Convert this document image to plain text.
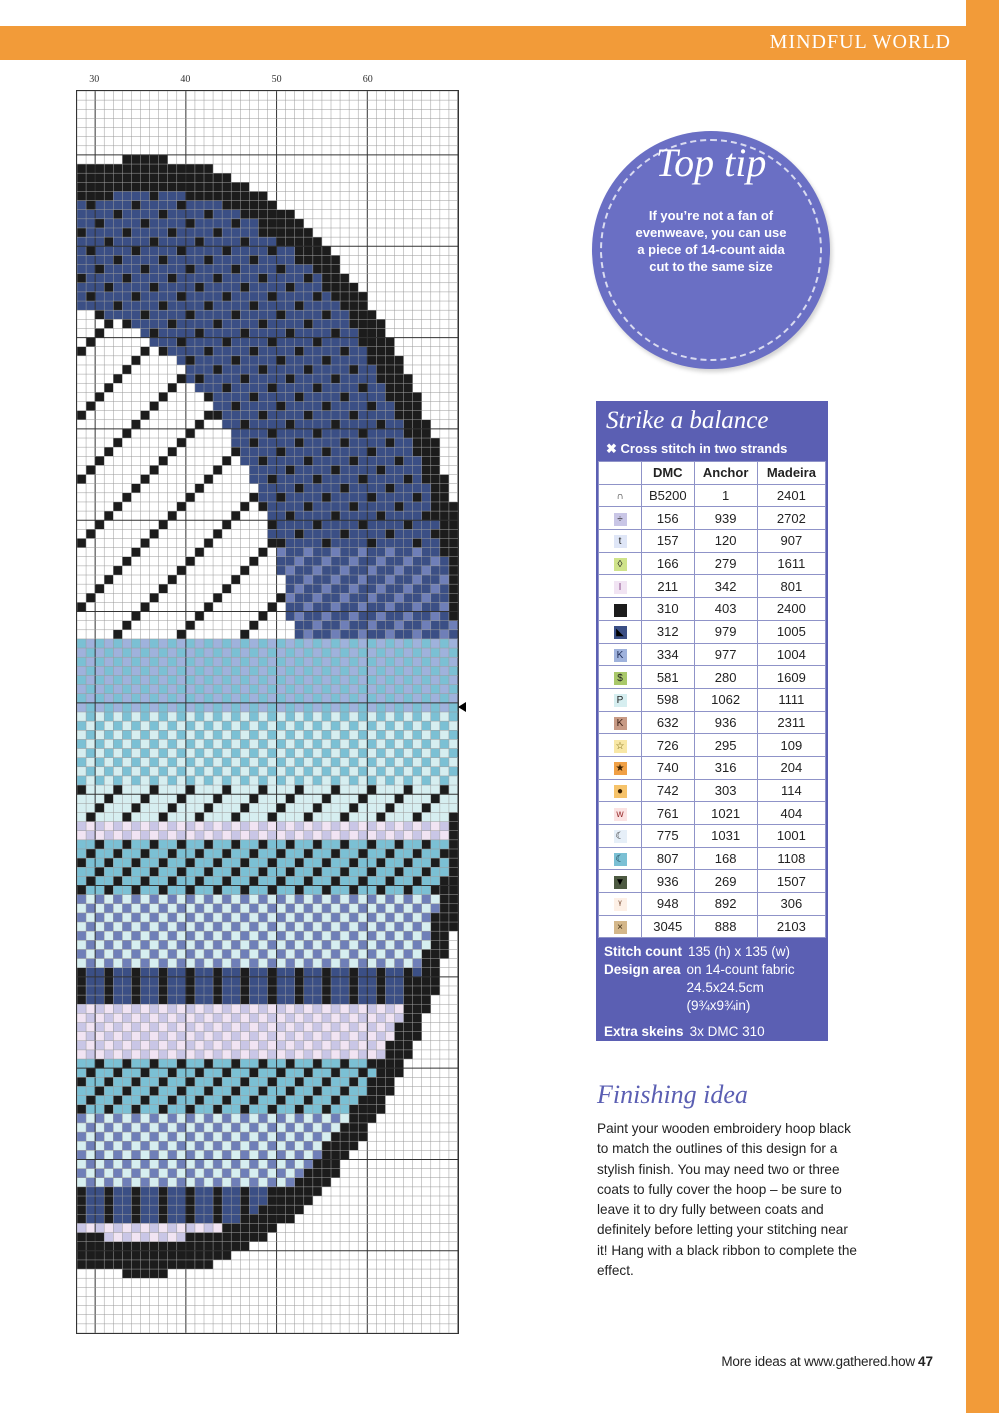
MINDFUL WORLD
30	40	50	60
Top tip
If you’re not a fan of evenweave, you can use a piece of 14-count aida cut to the same size
Strike a balance
✖ Cross stitch in two strands
	DMC	Anchor	Madeira
∩	B5200	1	2401
÷	156	939	2702
t	157	120	907
◊	166	279	1611
I	211	342	801
■	310	403	2400
◣	312	979	1005
K	334	977	1004
$	581	280	1609
P	598	1062	1111
K	632	936	2311
☆	726	295	109
★	740	316	204
●	742	303	114
w	761	1021	404
☾	775	1031	1001
☾	807	168	1108
▼	936	269	1507
ᵞ	948	892	306
×	3045	888	2103
Stitch count 135 (h) x 135 (w)
Design area on 14-count fabric
24.5x24.5cm
(9¾x9¾in)
Extra skeins 3x DMC 310
Finishing idea
Paint your wooden embroidery hoop black to match the outlines of this design for a stylish finish. You may need two or three coats to fully cover the hoop – be sure to leave it to dry fully between coats and definitely before letting your stitching near it! Hang with a black ribbon to complete the effect.
More ideas at www.gathered.how 47
